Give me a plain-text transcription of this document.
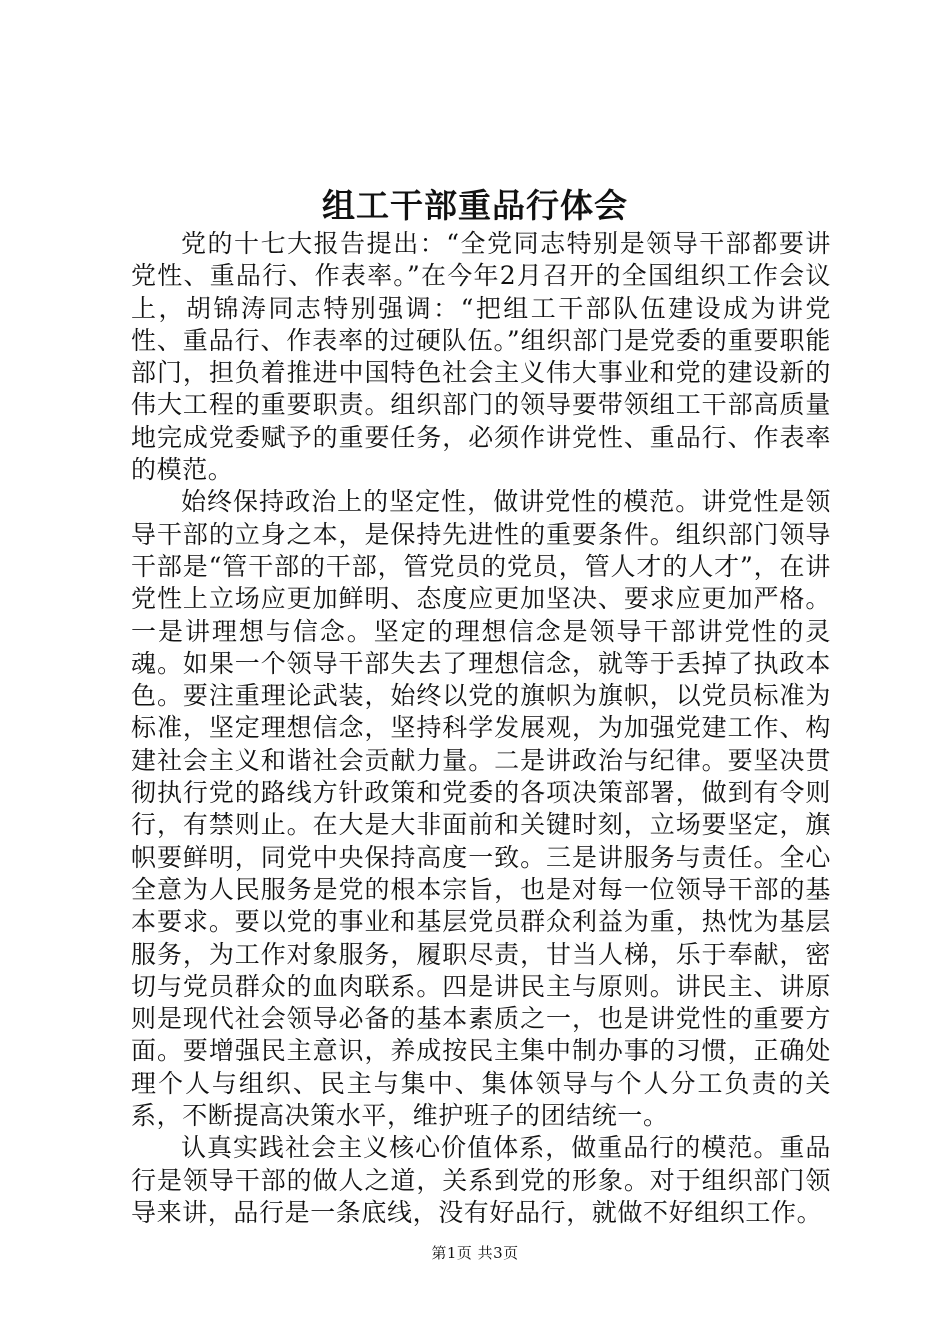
组工干部重品行体会

党的十七大报告提出：“全党同志特别是领导干部都要讲党性、重品行、作表率。”在今年2月召开的全国组织工作会议上，胡锦涛同志特别强调：“把组工干部队伍建设成为讲党性、重品行、作表率的过硬队伍。”组织部门是党委的重要职能部门，担负着推进中国特色社会主义伟大事业和党的建设新的伟大工程的重要职责。组织部门的领导要带领组工干部高质量地完成党委赋予的重要任务，必须作讲党性、重品行、作表率的模范。

始终保持政治上的坚定性，做讲党性的模范。讲党性是领导干部的立身之本，是保持先进性的重要条件。组织部门领导干部是“管干部的干部，管党员的党员，管人才的人才”，在讲党性上立场应更加鲜明、态度应更加坚决、要求应更加严格。一是讲理想与信念。坚定的理想信念是领导干部讲党性的灵魂。如果一个领导干部失去了理想信念，就等于丢掉了执政本色。要注重理论武装，始终以党的旗帜为旗帜，以党员标准为标准，坚定理想信念，坚持科学发展观，为加强党建工作、构建社会主义和谐社会贡献力量。二是讲政治与纪律。要坚决贯彻执行党的路线方针政策和党委的各项决策部署，做到有令则行，有禁则止。在大是大非面前和关键时刻，立场要坚定，旗帜要鲜明，同党中央保持高度一致。三是讲服务与责任。全心全意为人民服务是党的根本宗旨，也是对每一位领导干部的基本要求。要以党的事业和基层党员群众利益为重，热忱为基层服务，为工作对象服务，履职尽责，甘当人梯，乐于奉献，密切与党员群众的血肉联系。四是讲民主与原则。讲民主、讲原则是现代社会领导必备的基本素质之一，也是讲党性的重要方面。要增强民主意识，养成按民主集中制办事的习惯，正确处理个人与组织、民主与集中、集体领导与个人分工负责的关系，不断提高决策水平，维护班子的团结统一。

认真实践社会主义核心价值体系，做重品行的模范。重品行是领导干部的做人之道，关系到党的形象。对于组织部门领导来讲，品行是一条底线，没有好品行，就做不好组织工作。

第1页 共3页
